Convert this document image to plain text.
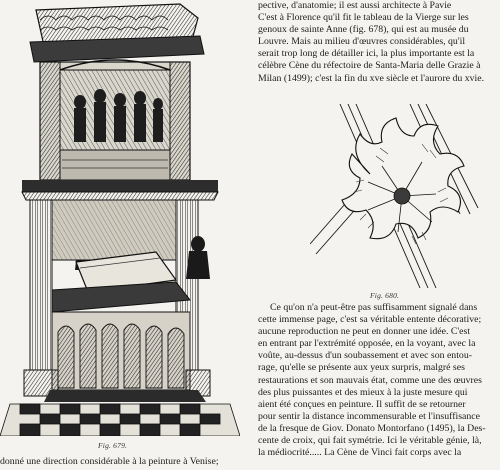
Fig. 679.
donné une direction considérable à la peinture à Venise;
pective, d'anatomie; il est aussi architecte à Pavie
C'est à Florence qu'il fit le tableau de la Vierge sur les
genoux de sainte Anne (fig. 678), qui est au musée du
Louvre. Mais au milieu d'œuvres considérables, qu'il
serait trop long de détailler ici, la plus importante est la
célèbre Cène du réfectoire de Santa-Maria delle Grazie à
Milan (1499); c'est la fin du xve siècle et l'aurore du xvie.
Fig. 680.
Ce qu'on n'a peut-être pas suffisamment signalé dans
cette immense page, c'est sa véritable entente décorative;
aucune reproduction ne peut en donner une idée. C'est
en entrant par l'extrémité opposée, en la voyant, avec la
voûte, au-dessus d'un soubassement et avec son entou-
rage, qu'elle se présente aux yeux surpris, malgré ses
restaurations et son mauvais état, comme une des œuvres
des plus puissantes et des mieux à la juste mesure qui
aient été conçues en peinture. Il suffit de se retourner
pour sentir la distance incommensurable et l'insuffisance
de la fresque de Giov. Donato Montorfano (1495), la Des-
cente de croix, qui fait symétrie. Ici le véritable génie, là,
la médiocrité..... La Cène de Vinci fait corps avec la
